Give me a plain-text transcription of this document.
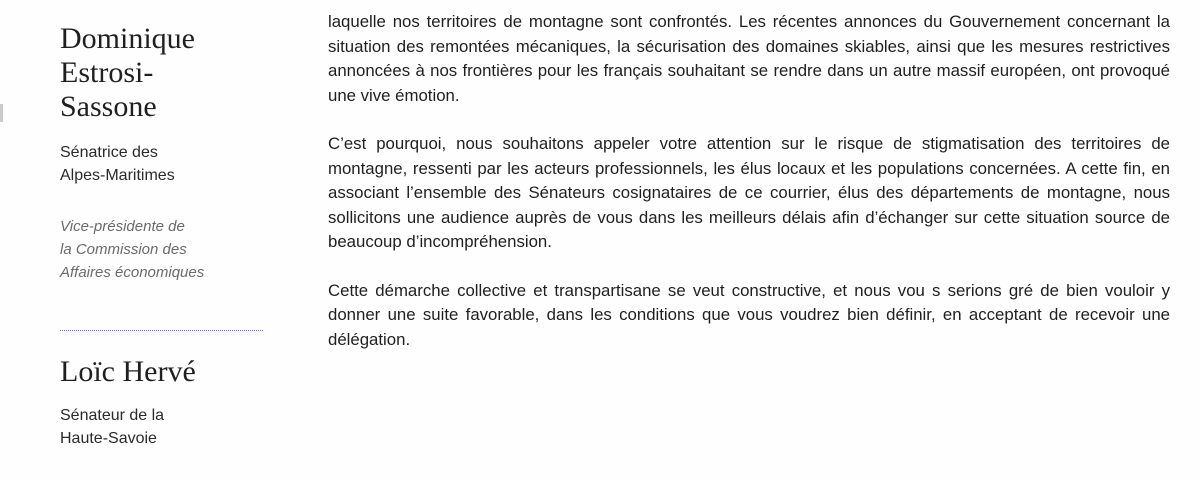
Dominique
Estrosi-
Sassone

Sénatrice des
Alpes-Maritimes

Vice-présidente de
la Commission des
Affaires économiques

Loïc Hervé

Sénateur de la
Haute-Savoie

laquelle nos territoires de montagne sont confrontés. Les récentes annonces du Gouvernement concernant la situation des remontées mécaniques, la sécurisation des domaines skiables, ainsi que les mesures restrictives annoncées à nos frontières pour les français souhaitant se rendre dans un autre massif européen, ont provoqué une vive émotion.

C’est pourquoi, nous souhaitons appeler votre attention sur le risque de stigmatisation des territoires de montagne, ressenti par les acteurs professionnels, les élus locaux et les populations concernées. A cette fin, en associant l’ensemble des Sénateurs cosignataires de ce courrier, élus des départements de montagne, nous sollicitons une audience auprès de vous dans les meilleurs délais afin d’échanger sur cette situation source de beaucoup d’incompréhension.

Cette démarche collective et transpartisane se veut constructive, et nous vou s serions gré de bien vouloir y donner une suite favorable, dans les conditions que vous voudrez bien définir, en acceptant de recevoir une délégation.
